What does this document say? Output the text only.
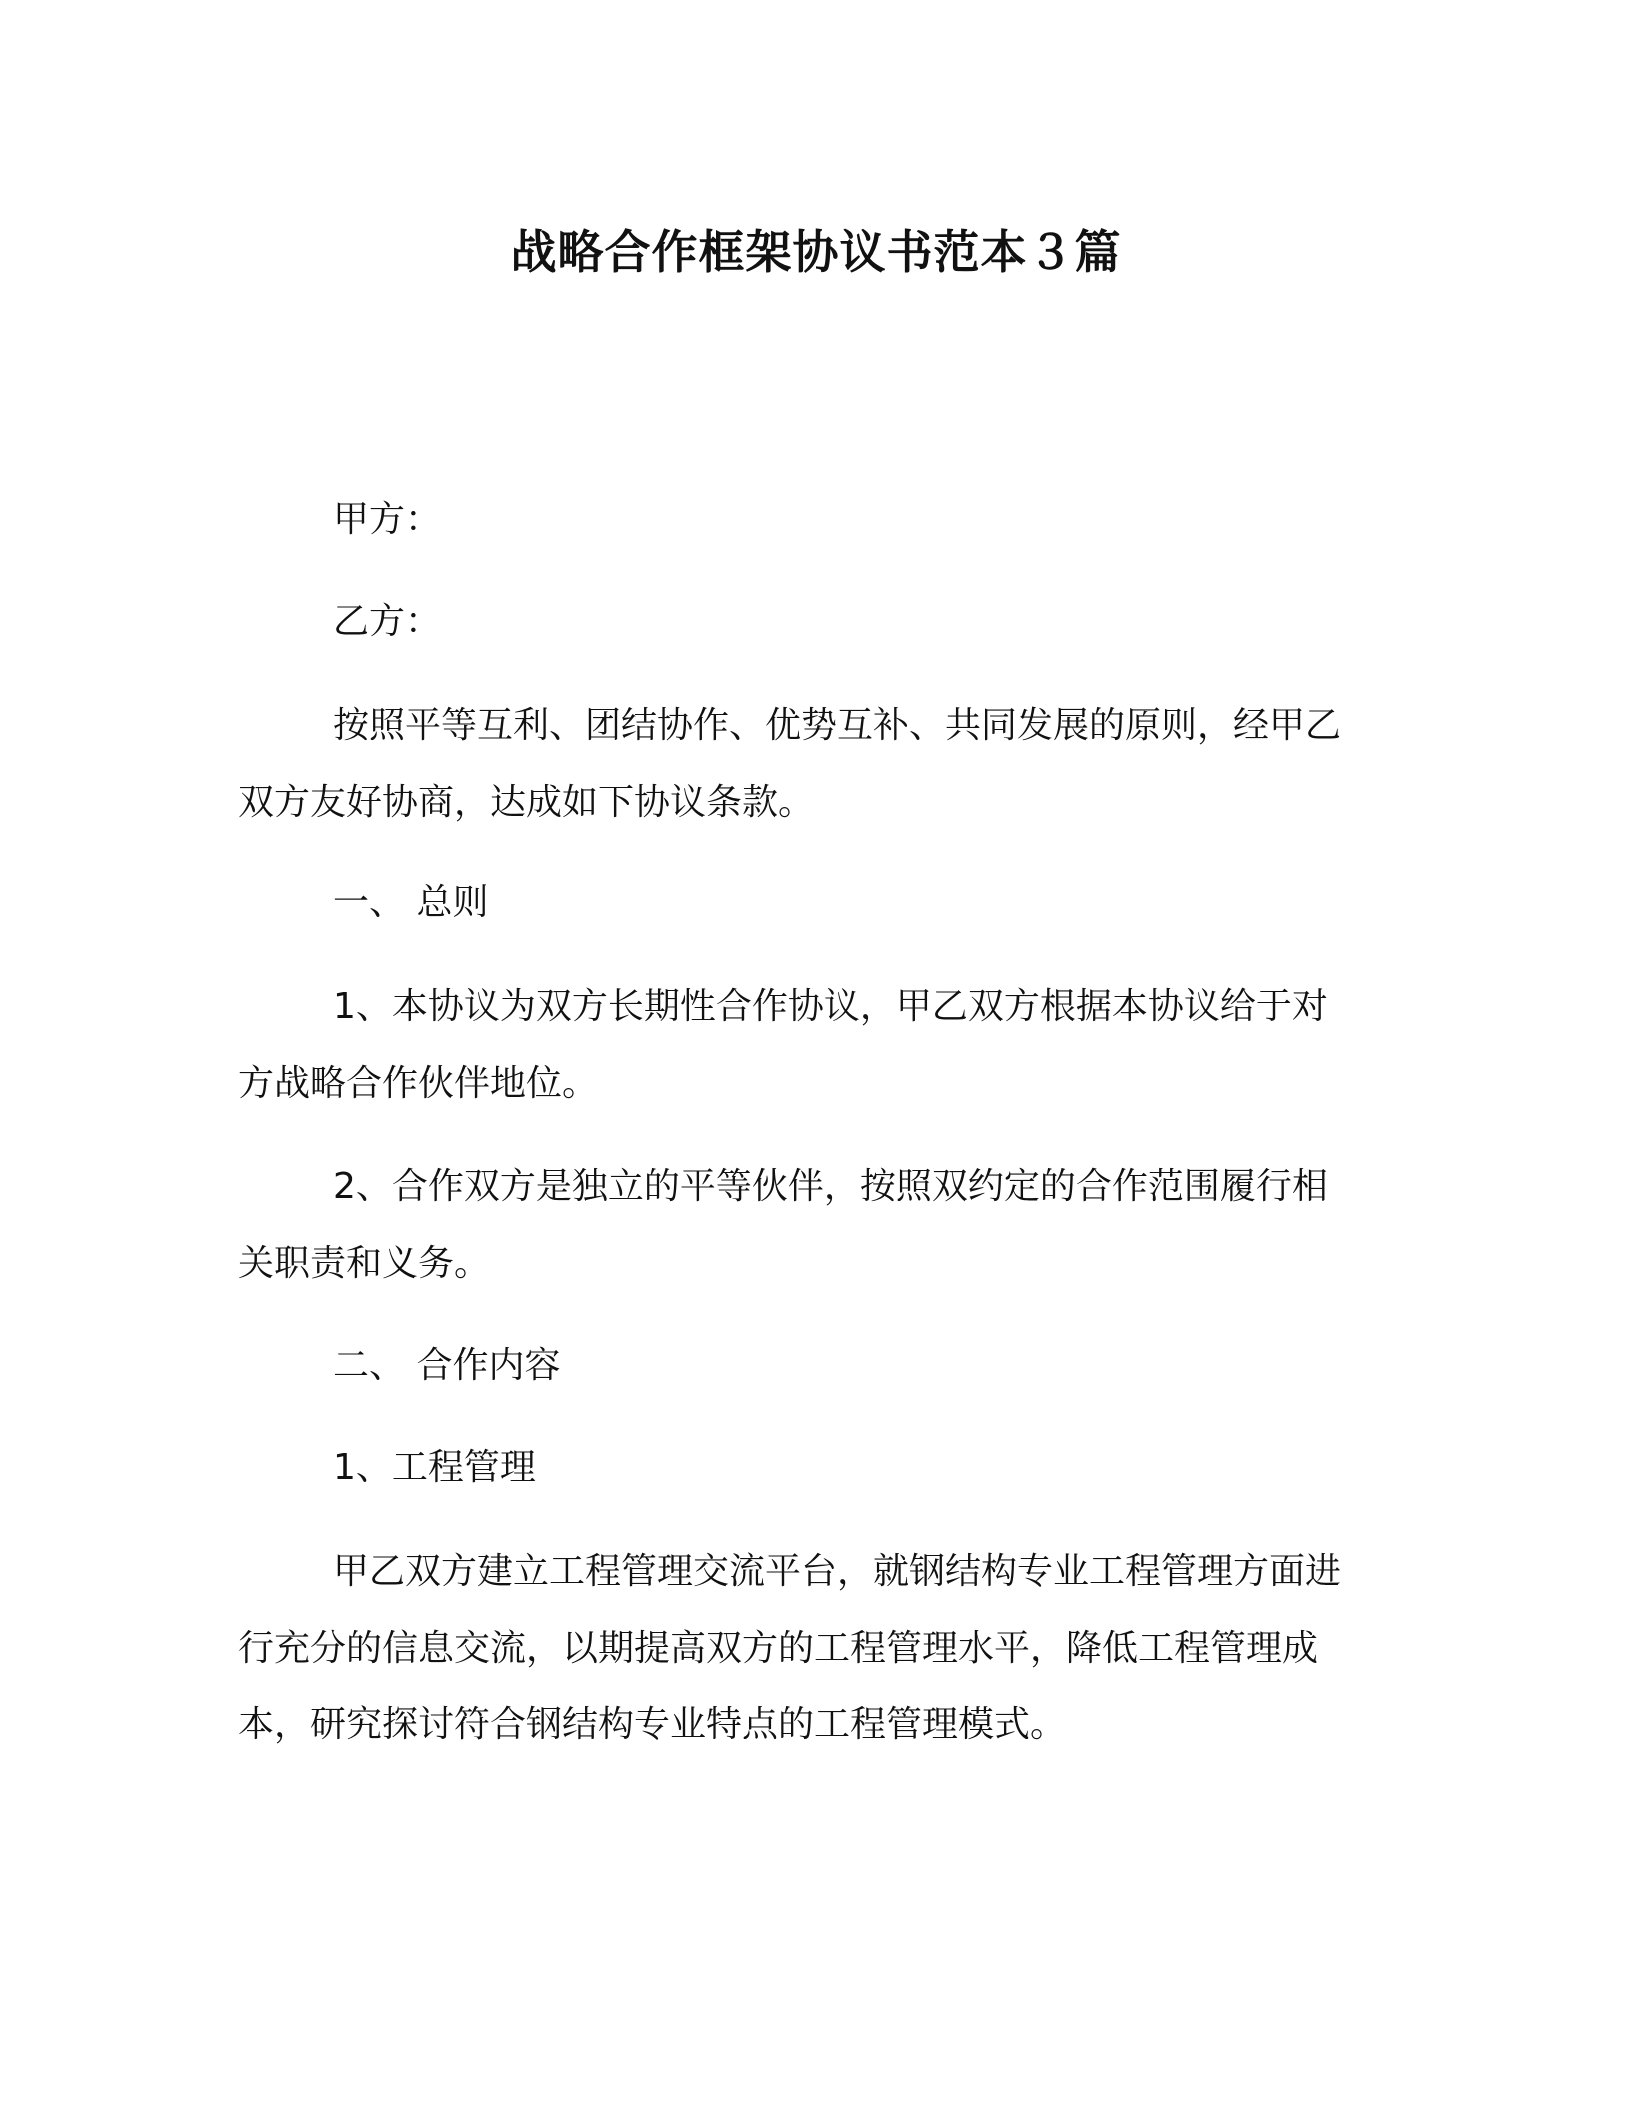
战略合作框架协议书范本３篇
甲方：
乙方：
按照平等互利、团结协作、优势互补、共同发展的原则，经甲乙
双方友好协商，达成如下协议条款。
一、 总则
1、本协议为双方长期性合作协议，甲乙双方根据本协议给于对
方战略合作伙伴地位。
2、合作双方是独立的平等伙伴，按照双约定的合作范围履行相
关职责和义务。
二、 合作内容
1、工程管理
甲乙双方建立工程管理交流平台，就钢结构专业工程管理方面进
行充分的信息交流，以期提高双方的工程管理水平，降低工程管理成
本，研究探讨符合钢结构专业特点的工程管理模式。
